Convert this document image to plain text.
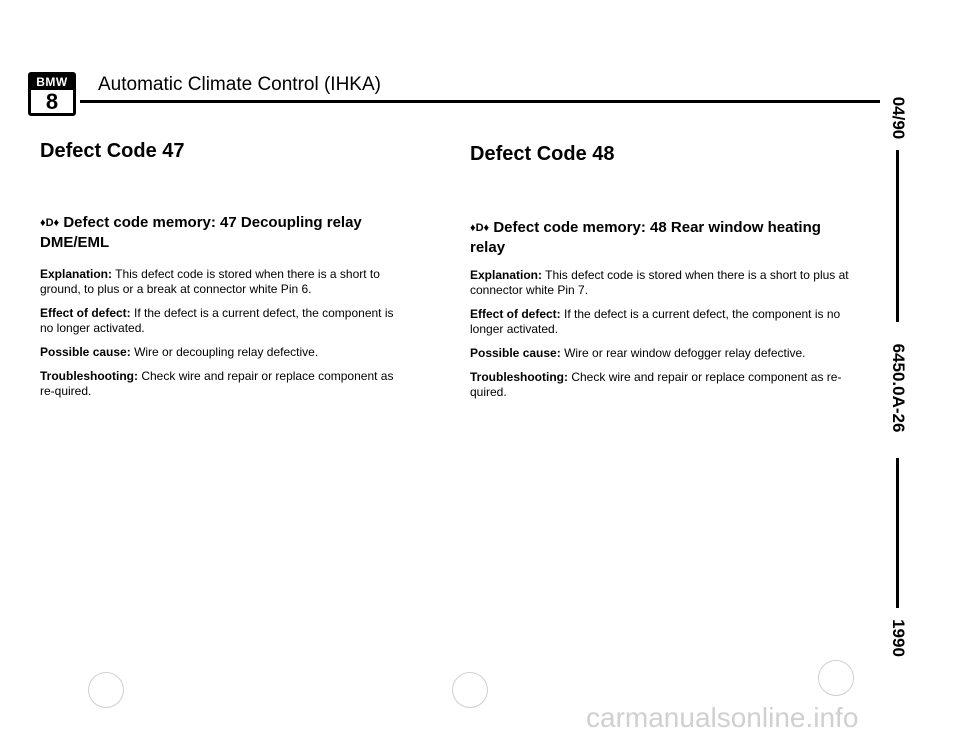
BMW
8
Automatic Climate Control (IHKA)
04/90
6450.0A-26
1990
Defect Code 47

♦D♦ Defect code memory: 47 Decoupling relay DME/EML

Explanation: This defect code is stored when there is a short to ground, to plus or a break at connector white Pin 6.

Effect of defect: If the defect is a current defect, the component is no longer activated.

Possible cause: Wire or decoupling relay defective.

Troubleshooting: Check wire and repair or replace component as re-quired.

Defect Code 48

♦D♦ Defect code memory: 48 Rear window heating relay

Explanation: This defect code is stored when there is a short to plus at connector white Pin 7.

Effect of defect: If the defect is a current defect, the component is no longer activated.

Possible cause: Wire or rear window defogger relay defective.

Troubleshooting: Check wire and repair or replace component as re-quired.

carmanualsonline.info
